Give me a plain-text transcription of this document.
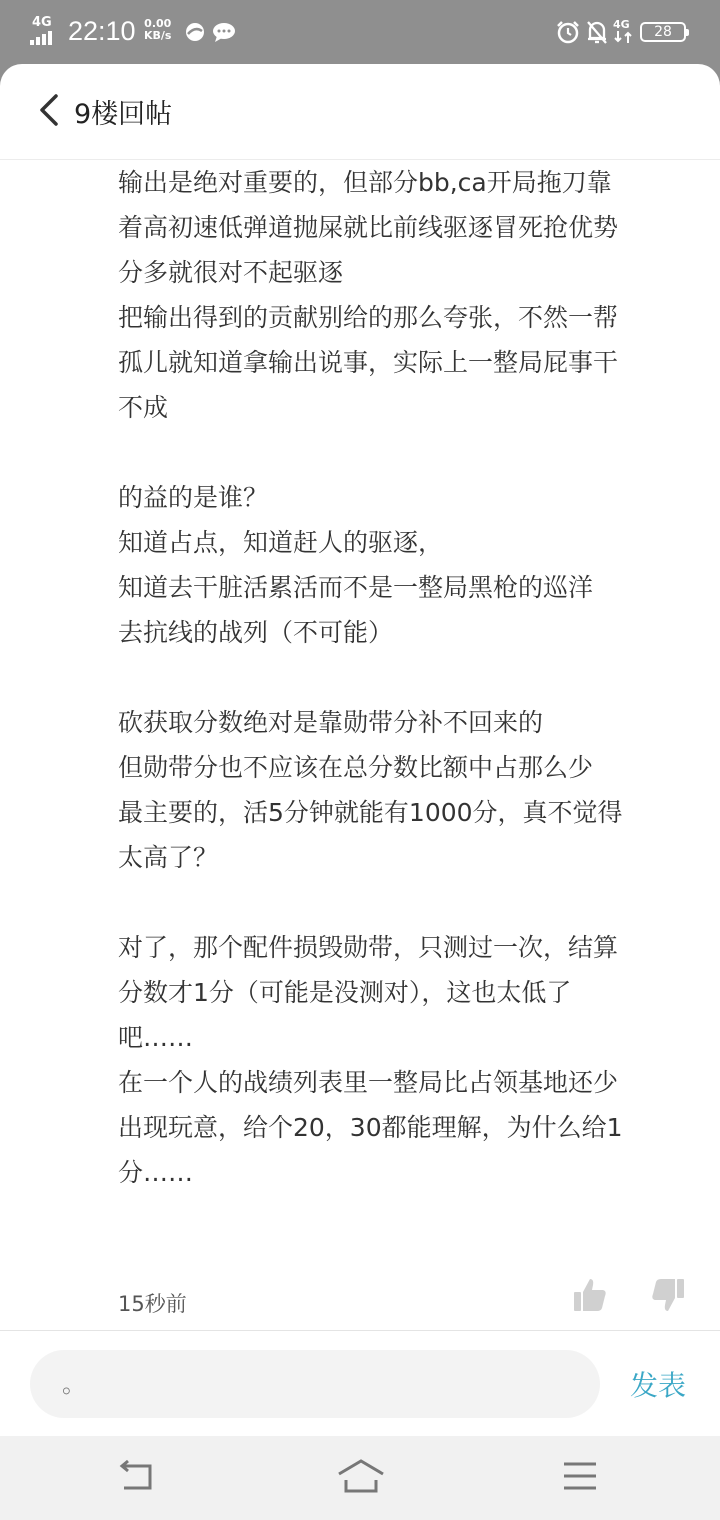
4G 22:10 0.00
KB/s
4G	28
9楼回帖
输出是绝对重要的，但部分bb,ca开局拖刀靠
着高初速低弹道抛屎就比前线驱逐冒死抢优势
分多就很对不起驱逐
把输出得到的贡献别给的那么夸张，不然一帮
孤儿就知道拿输出说事，实际上一整局屁事干
不成
的益的是谁？
知道占点，知道赶人的驱逐，
知道去干脏活累活而不是一整局黑枪的巡洋
去抗线的战列（不可能）
砍获取分数绝对是靠勋带分补不回来的
但勋带分也不应该在总分数比额中占那么少
最主要的，活5分钟就能有1000分，真不觉得
太高了？
对了，那个配件损毁勋带，只测过一次，结算
分数才1分（可能是没测对），这也太低了
吧……
在一个人的战绩列表里一整局比占领基地还少
出现玩意，给个20，30都能理解，为什么给1
分……
15秒前
。
发表
